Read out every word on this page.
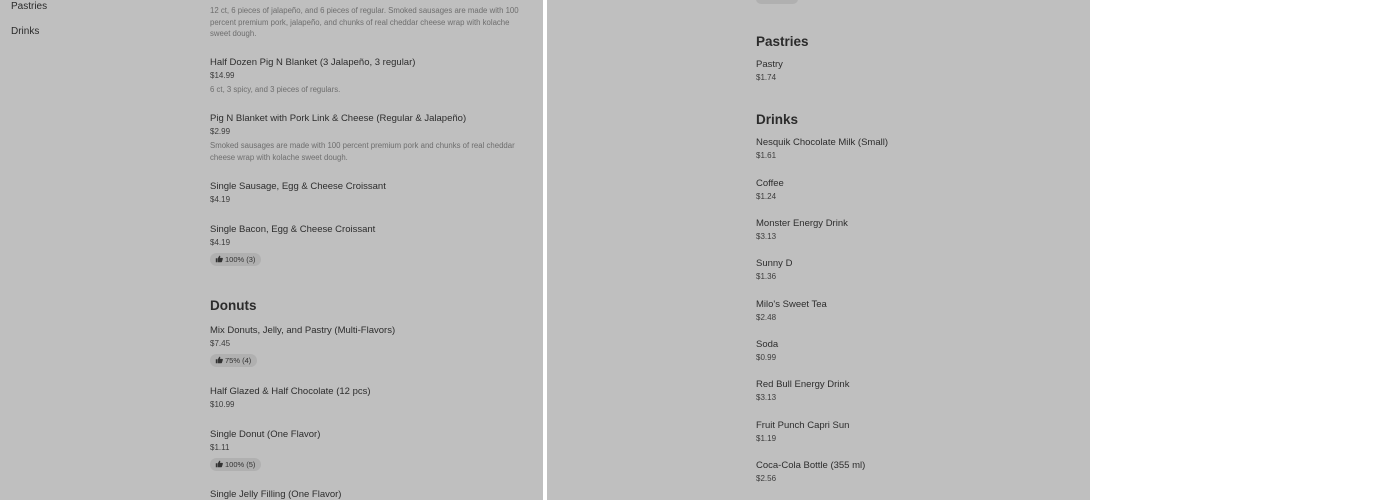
Pastries
Drinks
12 ct, 6 pieces of jalapeño, and 6 pieces of regular. Smoked sausages are made with 100 percent premium pork, jalapeño, and chunks of real cheddar cheese wrap with kolache sweet dough.
Half Dozen Pig N Blanket (3 Jalapeño, 3 regular)
$14.99
6 ct, 3 spicy, and 3 pieces of regulars.
Pig N Blanket with Pork Link & Cheese (Regular & Jalapeño)
$2.99
Smoked sausages are made with 100 percent premium pork and chunks of real cheddar cheese wrap with kolache sweet dough.
Single Sausage, Egg & Cheese Croissant
$4.19
Single Bacon, Egg & Cheese Croissant
$4.19
100% (3)
Donuts
Mix Donuts, Jelly, and Pastry (Multi-Flavors)
$7.45
75% (4)
Half Glazed & Half Chocolate (12 pcs)
$10.99
Single Donut (One Flavor)
$1.11
100% (5)
Single Jelly Filling (One Flavor)
Pastries
Pastry
$1.74
Drinks
Nesquik Chocolate Milk (Small)
$1.61
Coffee
$1.24
Monster Energy Drink
$3.13
Sunny D
$1.36
Milo's Sweet Tea
$2.48
Soda
$0.99
Red Bull Energy Drink
$3.13
Fruit Punch Capri Sun
$1.19
Coca-Cola Bottle (355 ml)
$2.56
